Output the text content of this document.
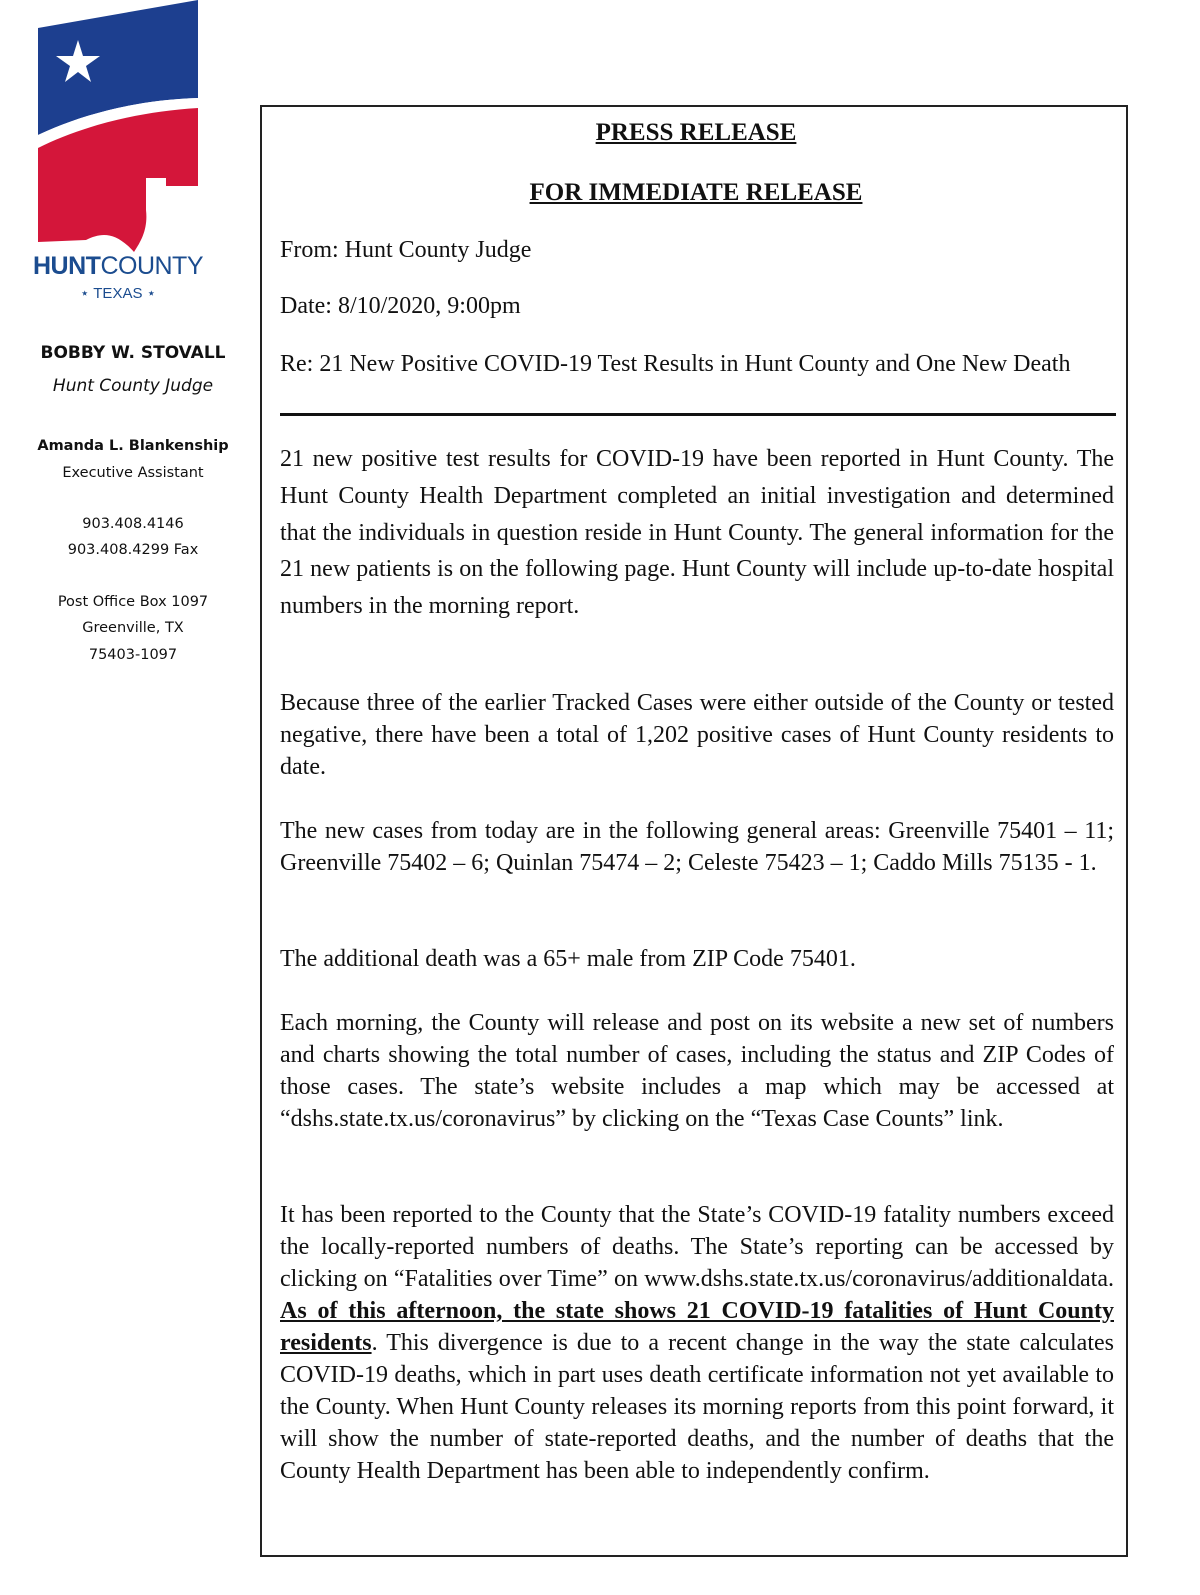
HUNTCOUNTY
⋆ TEXAS ⋆
BOBBY W. STOVALL
Hunt County Judge
Amanda L. Blankenship
Executive Assistant
903.408.4146
903.408.4299 Fax
Post Office Box 1097
Greenville, TX
75403-1097
PRESS RELEASE
FOR IMMEDIATE RELEASE
From: Hunt County Judge
Date: 8/10/2020, 9:00pm
Re: 21 New Positive COVID-19 Test Results in Hunt County and One New Death

21 new positive test results for COVID-19 have been reported in Hunt County. The Hunt County Health Department completed an initial investigation and determined that the individuals in question reside in Hunt County. The general information for the 21 new patients is on the following page. Hunt County will include up-to-date hospital numbers in the morning report.

Because three of the earlier Tracked Cases were either outside of the County or tested negative, there have been a total of 1,202 positive cases of Hunt County residents to date.

The new cases from today are in the following general areas: Greenville 75401 – 11; Greenville 75402 – 6; Quinlan 75474 – 2; Celeste 75423 – 1; Caddo Mills 75135 - 1.

The additional death was a 65+ male from ZIP Code 75401.

Each morning, the County will release and post on its website a new set of numbers and charts showing the total number of cases, including the status and ZIP Codes of those cases. The state’s website includes a map which may be accessed at “dshs.state.tx.us/coronavirus” by clicking on the “Texas Case Counts” link.

It has been reported to the County that the State’s COVID-19 fatality numbers exceed the locally-reported numbers of deaths. The State’s reporting can be accessed by clicking on “Fatalities over Time” on www.dshs.state.tx.us/coronavirus/additionaldata. As of this afternoon, the state shows 21 COVID-19 fatalities of Hunt County residents. This divergence is due to a recent change in the way the state calculates COVID-19 deaths, which in part uses death certificate information not yet available to the County. When Hunt County releases its morning reports from this point forward, it will show the number of state-reported deaths, and the number of deaths that the County Health Department has been able to independently confirm.
